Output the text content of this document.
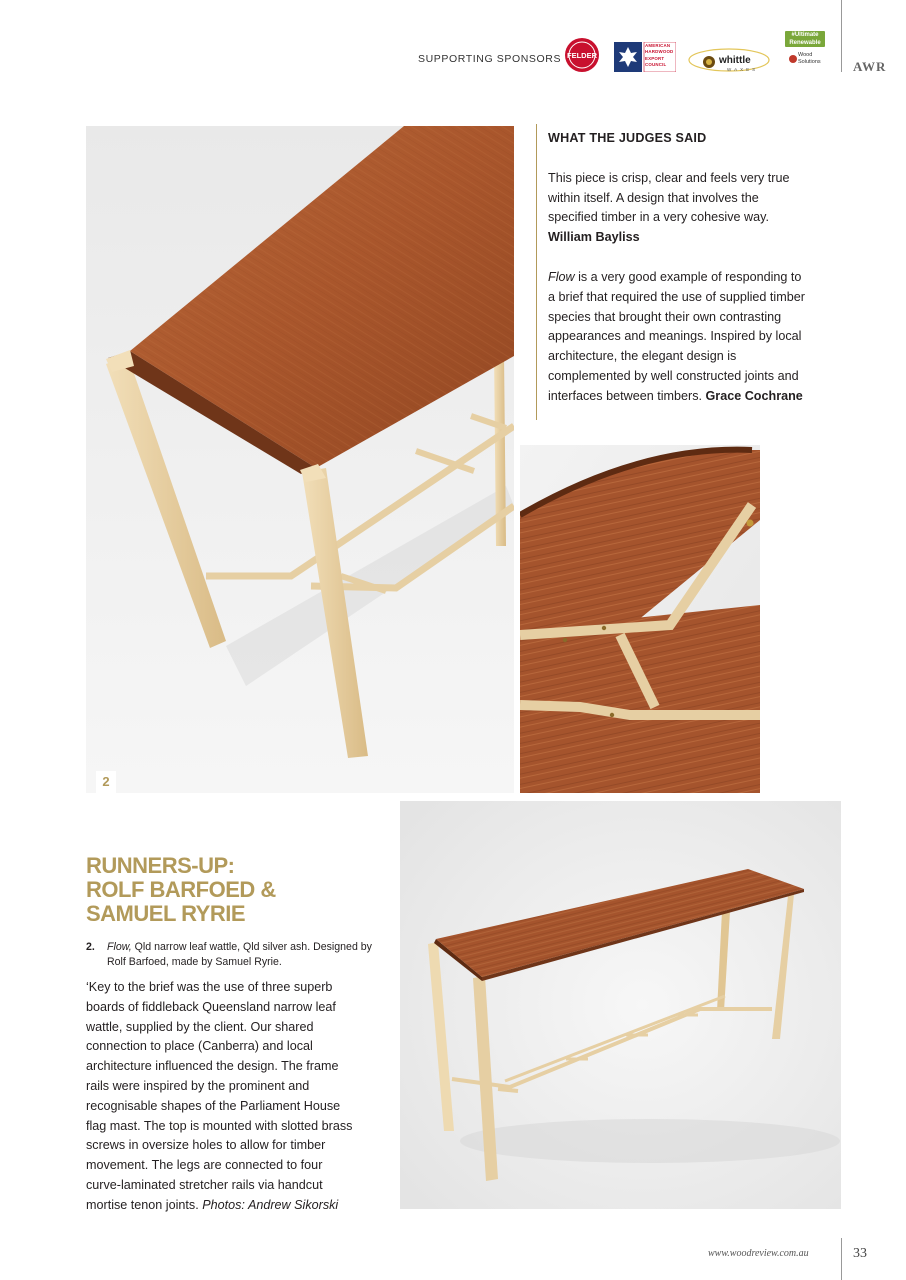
SUPPORTING SPONSORS FELDER
AMERICAN HARDWOOD EXPORT COUNCIL	whittle
WAXES
#Ultimate Renewable
Wood Solutions	AWR
2
WHAT THE JUDGES SAID

This piece is crisp, clear and feels very true within itself. A design that involves the specified timber in a very cohesive way.
William Bayliss

Flow is a very good example of responding to a brief that required the use of supplied timber species that brought their own contrasting appearances and meanings. Inspired by local architecture, the elegant design is complemented by well constructed joints and interfaces between timbers. Grace Cochrane

RUNNERS-UP:
ROLF BARFOED &
SAMUEL RYRIE
2. Flow, Qld narrow leaf wattle, Qld silver ash. Designed by Rolf Barfoed, made by Samuel Ryrie.
‘Key to the brief was the use of three superb boards of fiddleback Queensland narrow leaf wattle, supplied by the client. Our shared connection to place (Canberra) and local architecture influenced the design. The frame rails were inspired by the prominent and recognisable shapes of the Parliament House flag mast. The top is mounted with slotted brass screws in oversize holes to allow for timber movement. The legs are connected to four curve-laminated stretcher rails via handcut mortise tenon joints. Photos: Andrew Sikorski
www.woodreview.com.au	33
